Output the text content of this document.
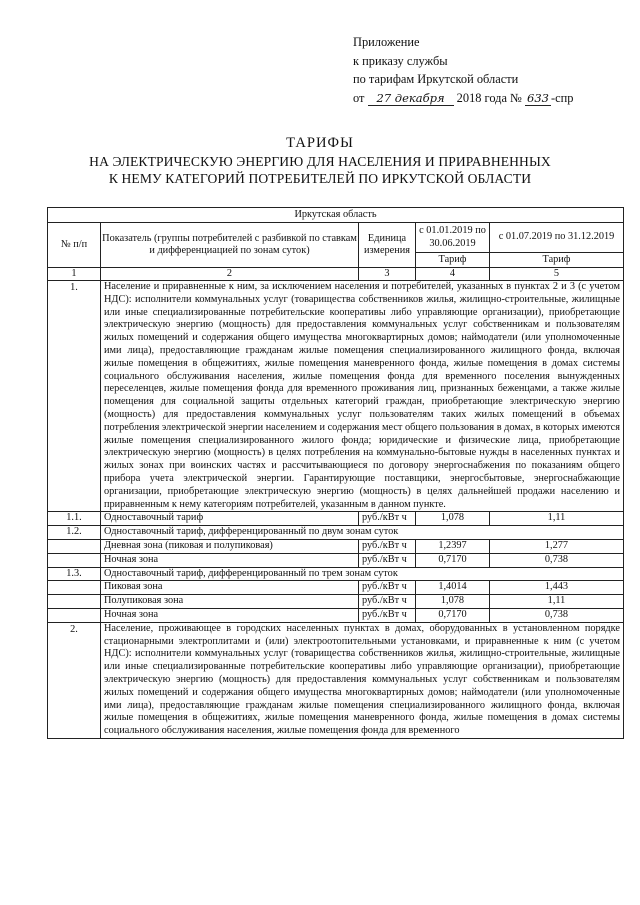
Приложение
к приказу службы
по тарифам Иркутской области
от 27 декабря 2018 года № 633 -спр
ТАРИФЫ
НА ЭЛЕКТРИЧЕСКУЮ ЭНЕРГИЮ ДЛЯ НАСЕЛЕНИЯ И ПРИРАВНЕННЫХ
К НЕМУ КАТЕГОРИЙ ПОТРЕБИТЕЛЕЙ ПО ИРКУТСКОЙ ОБЛАСТИ
Иркутская область
№ п/п
Показатель (группы потребителей с разбивкой по ставкам и дифференциацией по зонам суток)
Единица измерения
с 01.01.2019 по 30.06.2019
с 01.07.2019 по 31.12.2019
Тариф	Тариф
1	2	3	4	5
1.	Население и приравненные к ним, за исключением населения и потребителей, указанных в пунктах 2 и 3 (с учетом НДС): исполнители коммунальных услуг (товарищества собственников жилья, жилищно-строительные, жилищные или иные специализированные потребительские кооперативы либо управляющие организации), приобретающие электрическую энергию (мощность) для предоставления коммунальных услуг собственникам и пользователям жилых помещений и содержания общего имущества многоквартирных домов; наймодатели (или уполномоченные ими лица), предоставляющие гражданам жилые помещения специализированного жилищного фонда, включая жилые помещения в общежитиях, жилые помещения маневренного фонда, жилые помещения в домах системы социального обслуживания населения, жилые помещения фонда для временного поселения вынужденных переселенцев, жилые помещения фонда для временного проживания лиц, признанных беженцами, а также жилые помещения для социальной защиты отдельных категорий граждан, приобретающие электрическую энергию (мощность) для предоставления коммунальных услуг пользователям таких жилых помещений в объемах потребления электрической энергии населением и содержания мест общего пользования в домах, в которых имеются жилые помещения специализированного жилого фонда; юридические и физические лица, приобретающие электрическую энергию (мощность) в целях потребления на коммунально-бытовые нужды в населенных пунктах и жилых зонах при воинских частях и рассчитывающиеся по договору энергоснабжения по показаниям общего прибора учета электрической энергии. Гарантирующие поставщики, энергосбытовые, энергоснабжающие организации, приобретающие электрическую энергию (мощность) в целях дальнейшей продажи населению и приравненным к нему категориям потребителей, указанным в данном пункте.
1.1.	Одноставочный тариф	руб./кВт ч	1,078	1,11
1.2.	Одноставочный тариф, дифференцированный по двум зонам суток
Дневная зона (пиковая и полупиковая)	руб./кВт ч	1,2397	1,277
Ночная зона	руб./кВт ч	0,7170	0,738
1.3.	Одноставочный тариф, дифференцированный по трем зонам суток
Пиковая зона	руб./кВт ч	1,4014	1,443
Полупиковая зона	руб./кВт ч	1,078	1,11
Ночная зона	руб./кВт ч	0,7170	0,738
2.	Население, проживающее в городских населенных пунктах в домах, оборудованных в установленном порядке стационарными электроплитами и (или) электроотопительными установками, и приравненные к ним (с учетом НДС): исполнители коммунальных услуг (товарищества собственников жилья, жилищно-строительные, жилищные или иные специализированные потребительские кооперативы либо управляющие организации), приобретающие электрическую энергию (мощность) для предоставления коммунальных услуг собственникам и пользователям жилых помещений и содержания общего имущества многоквартирных домов; наймодатели (или уполномоченные ими лица), предоставляющие гражданам жилые помещения специализированного жилищного фонда, включая жилые помещения в общежитиях, жилые помещения маневренного фонда, жилые помещения в домах системы социального обслуживания населения, жилые помещения фонда для временного
